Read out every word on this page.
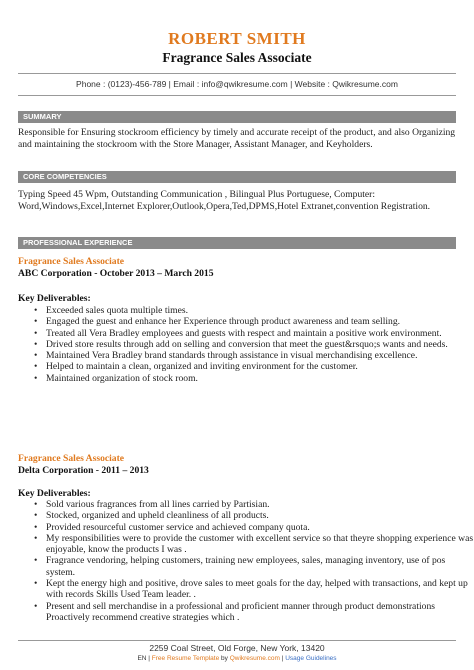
ROBERT SMITH
Fragrance Sales Associate
Phone : (0123)-456-789 | Email : info@qwikresume.com | Website : Qwikresume.com
SUMMARY
Responsible for Ensuring stockroom efficiency by timely and accurate receipt of the product, and also Organizing and maintaining the stockroom with the Store Manager, Assistant Manager, and Keyholders.
CORE COMPETENCIES
Typing Speed 45 Wpm, Outstanding Communication , Bilingual Plus Portuguese, Computer: Word,Windows,Excel,Internet Explorer,Outlook,Opera,Ted,DPMS,Hotel Extranet,convention Registration.
PROFESSIONAL EXPERIENCE
Fragrance Sales Associate
ABC Corporation - October 2013 – March 2015
Key Deliverables:
• Exceeded sales quota multiple times.
• Engaged the guest and enhance her Experience through product awareness and team selling.
• Treated all Vera Bradley employees and guests with respect and maintain a positive work environment.
• Drived store results through add on selling and conversion that meet the guest&rsquo;s wants and needs.
• Maintained Vera Bradley brand standards through assistance in visual merchandising excellence.
• Helped to maintain a clean, organized and inviting environment for the customer.
• Maintained organization of stock room.
Fragrance Sales Associate
Delta Corporation - 2011 – 2013
Key Deliverables:
• Sold various fragrances from all lines carried by Partisian.
• Stocked, organized and upheld cleanliness of all products.
• Provided resourceful customer service and achieved company quota.
• My responsibilities were to provide the customer with excellent service so that theyre shopping experience was enjoyable, know the products I was .
• Fragrance vendoring, helping customers, training new employees, sales, managing inventory, use of pos system.
• Kept the energy high and positive, drove sales to meet goals for the day, helped with transactions, and kept up with records Skills Used Team leader. .
• Present and sell merchandise in a professional and proficient manner through product demonstrations Proactively recommend creative strategies which .
2259 Coal Street, Old Forge, New York, 13420
EN | Free Resume Template by Qwikresume.com | Usage Guidelines
